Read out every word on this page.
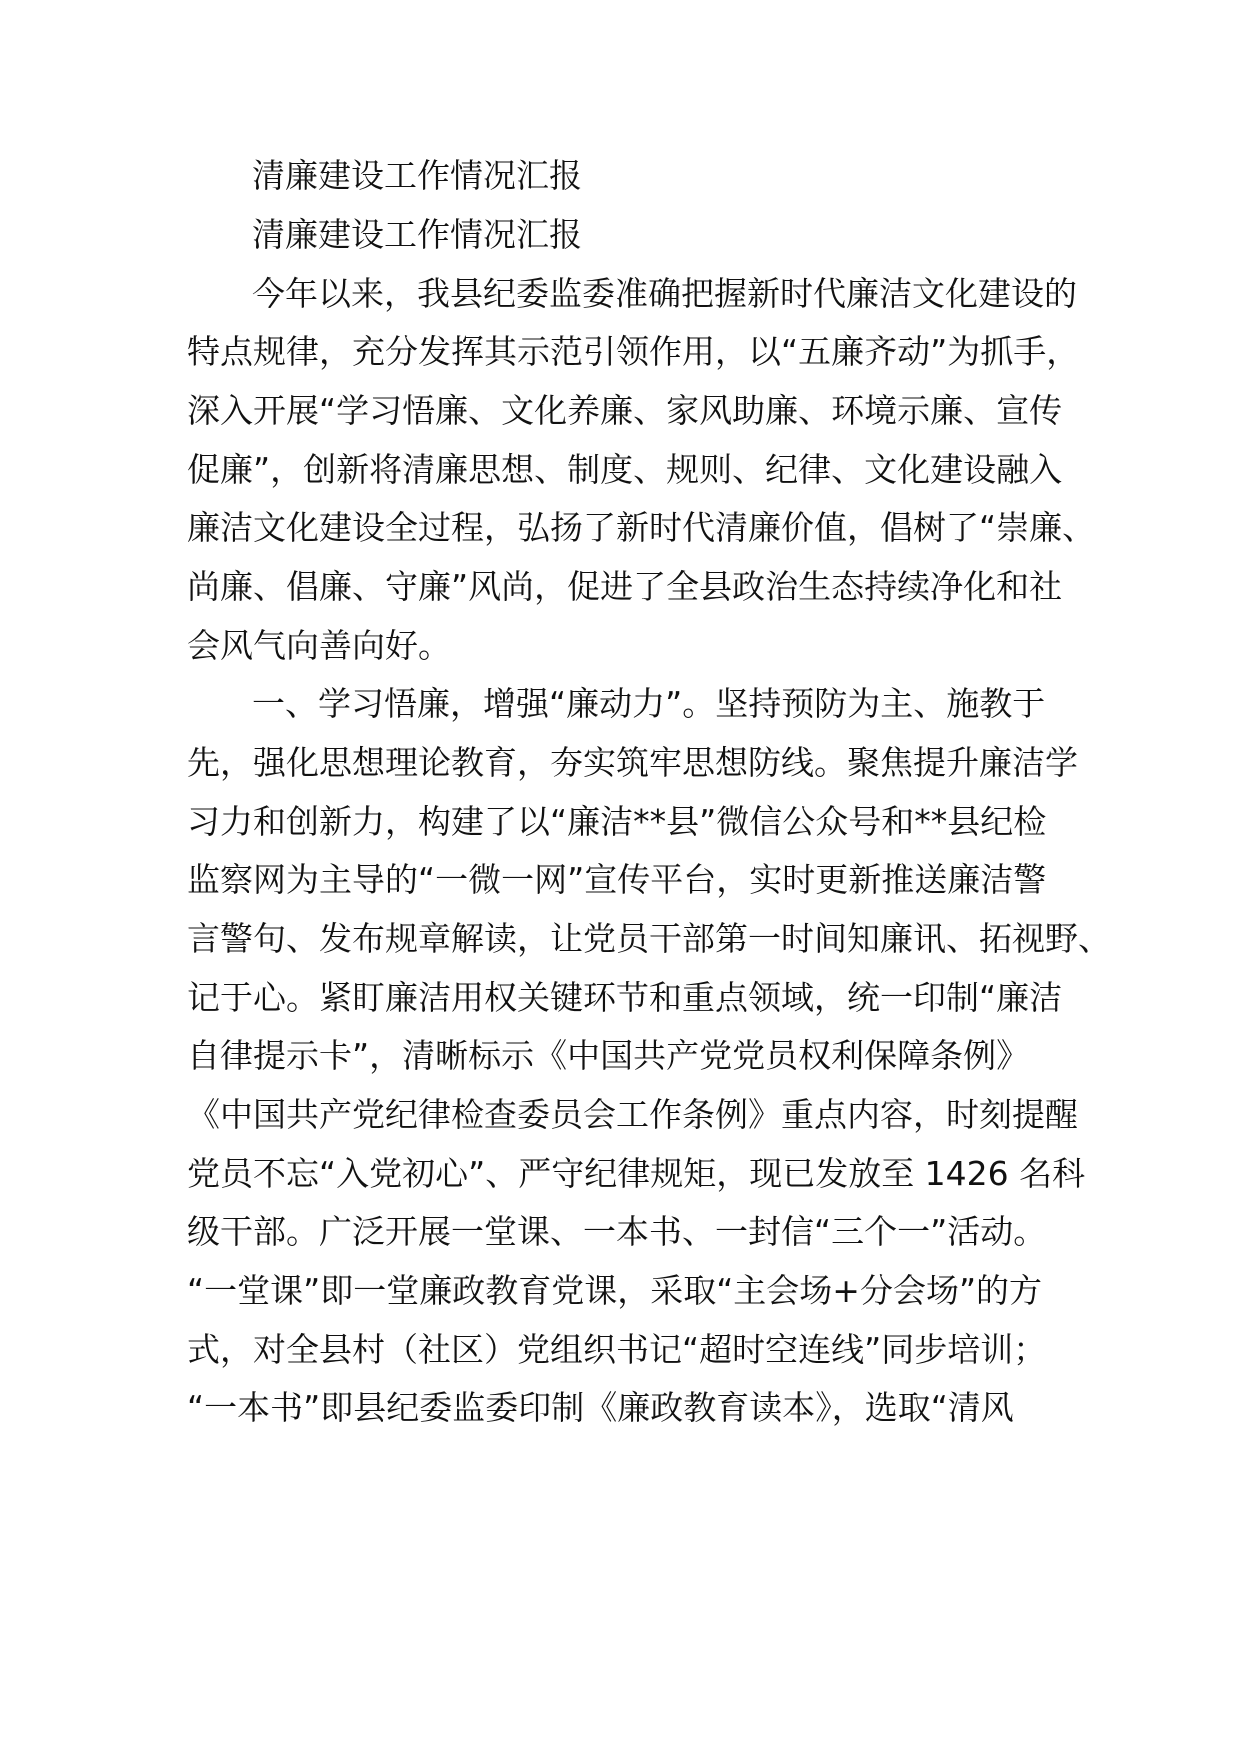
清廉建设工作情况汇报
清廉建设工作情况汇报
今年以来，我县纪委监委准确把握新时代廉洁文化建设的
特点规律，充分发挥其示范引领作用，以“五廉齐动”为抓手，
深入开展“学习悟廉、文化养廉、家风助廉、环境示廉、宣传
促廉”，创新将清廉思想、制度、规则、纪律、文化建设融入
廉洁文化建设全过程，弘扬了新时代清廉价值，倡树了“崇廉、
尚廉、倡廉、守廉”风尚，促进了全县政治生态持续净化和社
会风气向善向好。
一、学习悟廉，增强“廉动力”。坚持预防为主、施教于
先，强化思想理论教育，夯实筑牢思想防线。聚焦提升廉洁学
习力和创新力，构建了以“廉洁**县”微信公众号和**县纪检
监察网为主导的“一微一网”宣传平台，实时更新推送廉洁警
言警句、发布规章解读，让党员干部第一时间知廉讯、拓视野、
记于心。紧盯廉洁用权关键环节和重点领域，统一印制“廉洁
自律提示卡”，清晰标示《中国共产党党员权利保障条例》
《中国共产党纪律检查委员会工作条例》重点内容，时刻提醒
党员不忘“入党初心”、严守纪律规矩，现已发放至 1426 名科
级干部。广泛开展一堂课、一本书、一封信“三个一”活动。
“一堂课”即一堂廉政教育党课，采取“主会场+分会场”的方
式，对全县村（社区）党组织书记“超时空连线”同步培训；
“一本书”即县纪委监委印制《廉政教育读本》，选取“清风
